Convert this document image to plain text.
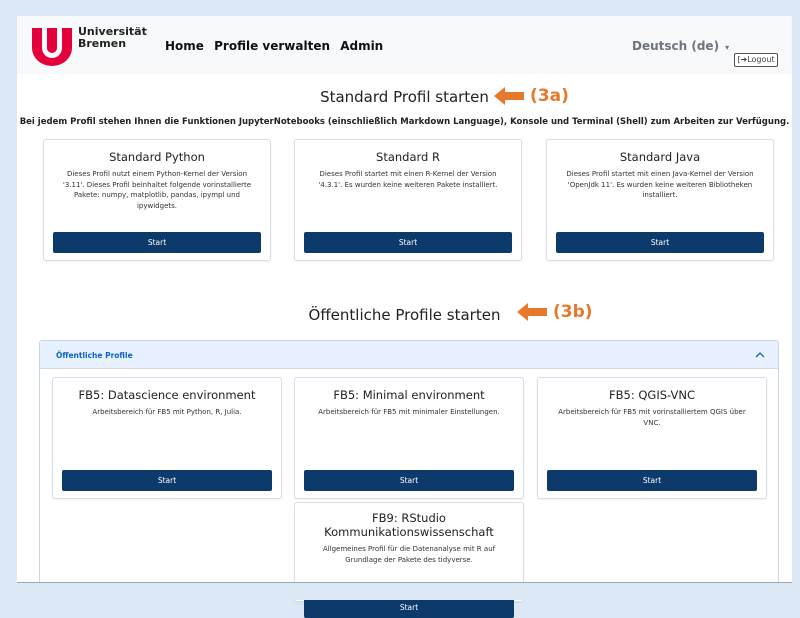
Universität
Bremen	Home Profile verwalten Admin	Deutsch (de) ▾
[➜Logout
Standard Profil starten	(3a)
Bei jedem Profil stehen Ihnen die Funktionen JupyterNotebooks (einschließlich Markdown Language), Konsole und Terminal (Shell) zum Arbeiten zur Verfügung.
Standard Python
Dieses Profil nutzt einem Python-Kernel der Version '3.11'. Dieses Profil beinhaltet folgende vorinstallierte Pakete: numpy, matplotlib, pandas, ipympl und ipywidgets.
Start
Standard R
Dieses Profil startet mit einen R-Kernel der Version '4.3.1'. Es wurden keine weiteren Pakete installiert.
Start
Standard Java
Dieses Profil startet mit einen Java-Kernel der Version 'OpenJdk 11'. Es wurden keine weiteren Bibliotheken installiert.
Start
Öffentliche Profile starten	(3b)
Öffentliche Profile
FB5: Datascience environment
Arbeitsbereich für FB5 mit Python, R, Julia.
Start
FB5: Minimal environment
Arbeitsbereich für FB5 mit minimaler Einstellungen.
Start
FB5: QGIS-VNC
Arbeitsbereich für FB5 mit vorinstalliertem QGIS über VNC.
Start
FB9: RStudio Kommunikationswissenschaft
Allgemeines Profil für die Datenanalyse mit R auf Grundlage der Pakete des tidyverse.
Start
